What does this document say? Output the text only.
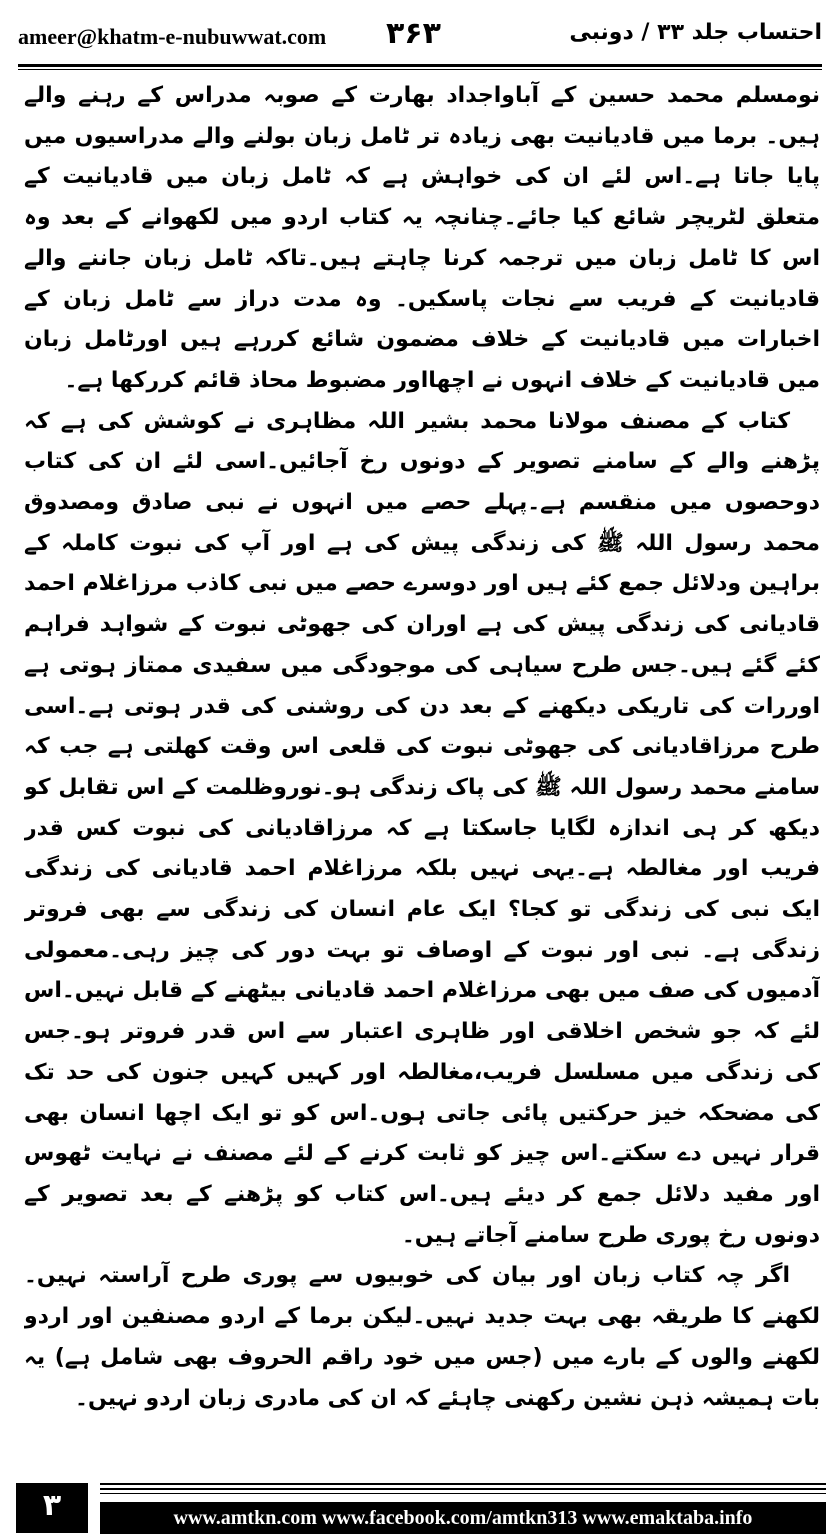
ameer@khatm-e-nubuwwat.com ۳۶۳	احتساب جلد ۳۳ / دونبی

نومسلم محمد حسین کے آباواجداد بھارت کے صوبہ مدراس کے رہنے والے ہیں۔ برما میں قادیانیت بھی زیادہ تر ٹامل زبان بولنے والے مدراسیوں میں پایا جاتا ہے۔اس لئے ان کی خواہش ہے کہ ٹامل زبان میں قادیانیت کے متعلق لٹریچر شائع کیا جائے۔چنانچہ یہ کتاب اردو میں لکھوانے کے بعد وہ اس کا ٹامل زبان میں ترجمہ کرنا چاہتے ہیں۔تاکہ ٹامل زبان جاننے والے قادیانیت کے فریب سے نجات پاسکیں۔ وہ مدت دراز سے ٹامل زبان کے اخبارات میں قادیانیت کے خلاف مضمون شائع کررہے ہیں اورٹامل زبان میں قادیانیت کے خلاف انہوں نے اچھااور مضبوط محاذ قائم کررکھا ہے۔

کتاب کے مصنف مولانا محمد بشیر اللہ مظاہری نے کوشش کی ہے کہ پڑھنے والے کے سامنے تصویر کے دونوں رخ آجائیں۔اسی لئے ان کی کتاب دوحصوں میں منقسم ہے۔پہلے حصے میں انہوں نے نبی صادق ومصدوق محمد رسول اللہ ﷺ کی زندگی پیش کی ہے اور آپ کی نبوت کاملہ کے براہین ودلائل جمع کئے ہیں اور دوسرے حصے میں نبی کاذب مرزاغلام احمد قادیانی کی زندگی پیش کی ہے اوران کی جھوٹی نبوت کے شواہد فراہم کئے گئے ہیں۔جس طرح سیاہی کی موجودگی میں سفیدی ممتاز ہوتی ہے اوررات کی تاریکی دیکھنے کے بعد دن کی روشنی کی قدر ہوتی ہے۔اسی طرح مرزاقادیانی کی جھوٹی نبوت کی قلعی اس وقت کھلتی ہے جب کہ سامنے محمد رسول اللہ ﷺ کی پاک زندگی ہو۔نوروظلمت کے اس تقابل کو دیکھ کر ہی اندازہ لگایا جاسکتا ہے کہ مرزاقادیانی کی نبوت کس قدر فریب اور مغالطہ ہے۔یہی نہیں بلکہ مرزاغلام احمد قادیانی کی زندگی ایک نبی کی زندگی تو کجا؟ ایک عام انسان کی زندگی سے بھی فروتر زندگی ہے۔ نبی اور نبوت کے اوصاف تو بہت دور کی چیز رہی۔معمولی آدمیوں کی صف میں بھی مرزاغلام احمد قادیانی بیٹھنے کے قابل نہیں۔اس لئے کہ جو شخص اخلاقی اور ظاہری اعتبار سے اس قدر فروتر ہو۔جس کی زندگی میں مسلسل فریب،مغالطہ اور کہیں کہیں جنون کی حد تک کی مضحکہ خیز حرکتیں پائی جاتی ہوں۔اس کو تو ایک اچھا انسان بھی قرار نہیں دے سکتے۔اس چیز کو ثابت کرنے کے لئے مصنف نے نہایت ٹھوس اور مفید دلائل جمع کر دیئے ہیں۔اس کتاب کو پڑھنے کے بعد تصویر کے دونوں رخ پوری طرح سامنے آجاتے ہیں۔

اگر چہ کتاب زبان اور بیان کی خوبیوں سے پوری طرح آراستہ نہیں۔لکھنے کا طریقہ بھی بہت جدید نہیں۔لیکن برما کے اردو مصنفین اور اردو لکھنے والوں کے بارے میں (جس میں خود راقم الحروف بھی شامل ہے) یہ بات ہمیشہ ذہن نشین رکھنی چاہئے کہ ان کی مادری زبان اردو نہیں۔

۳	www.amtkn.com www.facebook.com/amtkn313 www.emaktaba.info
